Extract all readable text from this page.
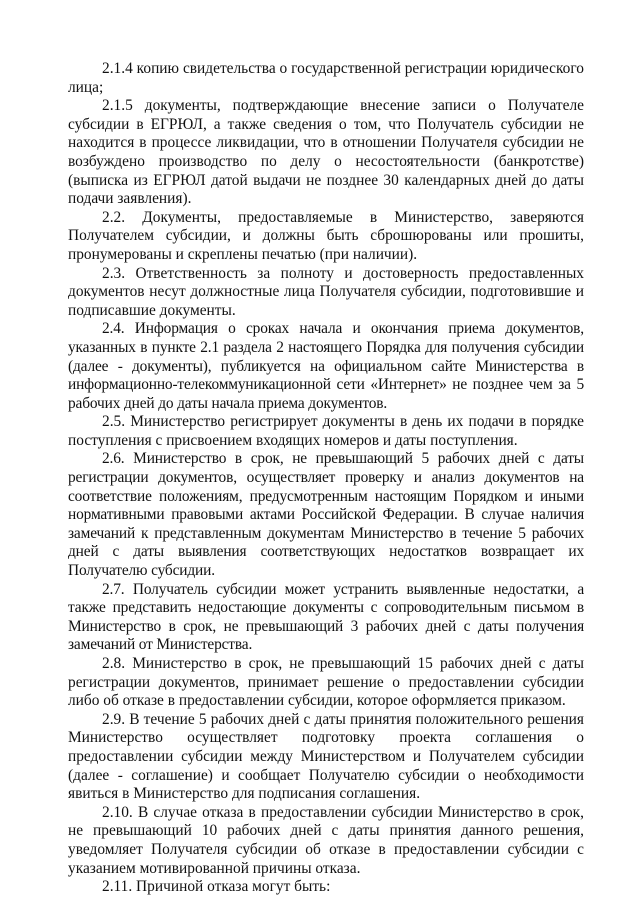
2.1.4 копию свидетельства о государственной регистрации юридического лица;

2.1.5 документы, подтверждающие внесение записи о Получателе субсидии в ЕГРЮЛ, а также сведения о том, что Получатель субсидии не находится в процессе ликвидации, что в отношении Получателя субсидии не возбуждено производство по делу о несостоятельности (банкротстве) (выписка из ЕГРЮЛ датой выдачи не позднее 30 календарных дней до даты подачи заявления).

2.2. Документы, предоставляемые в Министерство, заверяются Получателем субсидии, и должны быть сброшюрованы или прошиты, пронумерованы и скреплены печатью (при наличии).

2.3. Ответственность за полноту и достоверность предоставленных документов несут должностные лица Получателя субсидии, подготовившие и подписавшие документы.

2.4. Информация о сроках начала и окончания приема документов, указанных в пункте 2.1 раздела 2 настоящего Порядка для получения субсидии (далее - документы), публикуется на официальном сайте Министерства в информационно-телекоммуникационной сети «Интернет» не позднее чем за 5 рабочих дней до даты начала приема документов.

2.5. Министерство регистрирует документы в день их подачи в порядке поступления с присвоением входящих номеров и даты поступления.

2.6. Министерство в срок, не превышающий 5 рабочих дней с даты регистрации документов, осуществляет проверку и анализ документов на соответствие положениям, предусмотренным настоящим Порядком и иными нормативными правовыми актами Российской Федерации. В случае наличия замечаний к представленным документам Министерство в течение 5 рабочих дней с даты выявления соответствующих недостатков возвращает их Получателю субсидии.

2.7. Получатель субсидии может устранить выявленные недостатки, а также представить недостающие документы с сопроводительным письмом в Министерство в срок, не превышающий 3 рабочих дней с даты получения замечаний от Министерства.

2.8. Министерство в срок, не превышающий 15 рабочих дней с даты регистрации документов, принимает решение о предоставлении субсидии либо об отказе в предоставлении субсидии, которое оформляется приказом.

2.9. В течение 5 рабочих дней с даты принятия положительного решения Министерство осуществляет подготовку проекта соглашения о предоставлении субсидии между Министерством и Получателем субсидии (далее - соглашение) и сообщает Получателю субсидии о необходимости явиться в Министерство для подписания соглашения.

2.10. В случае отказа в предоставлении субсидии Министерство в срок, не превышающий 10 рабочих дней с даты принятия данного решения, уведомляет Получателя субсидии об отказе в предоставлении субсидии с указанием мотивированной причины отказа.

2.11. Причиной отказа могут быть:
